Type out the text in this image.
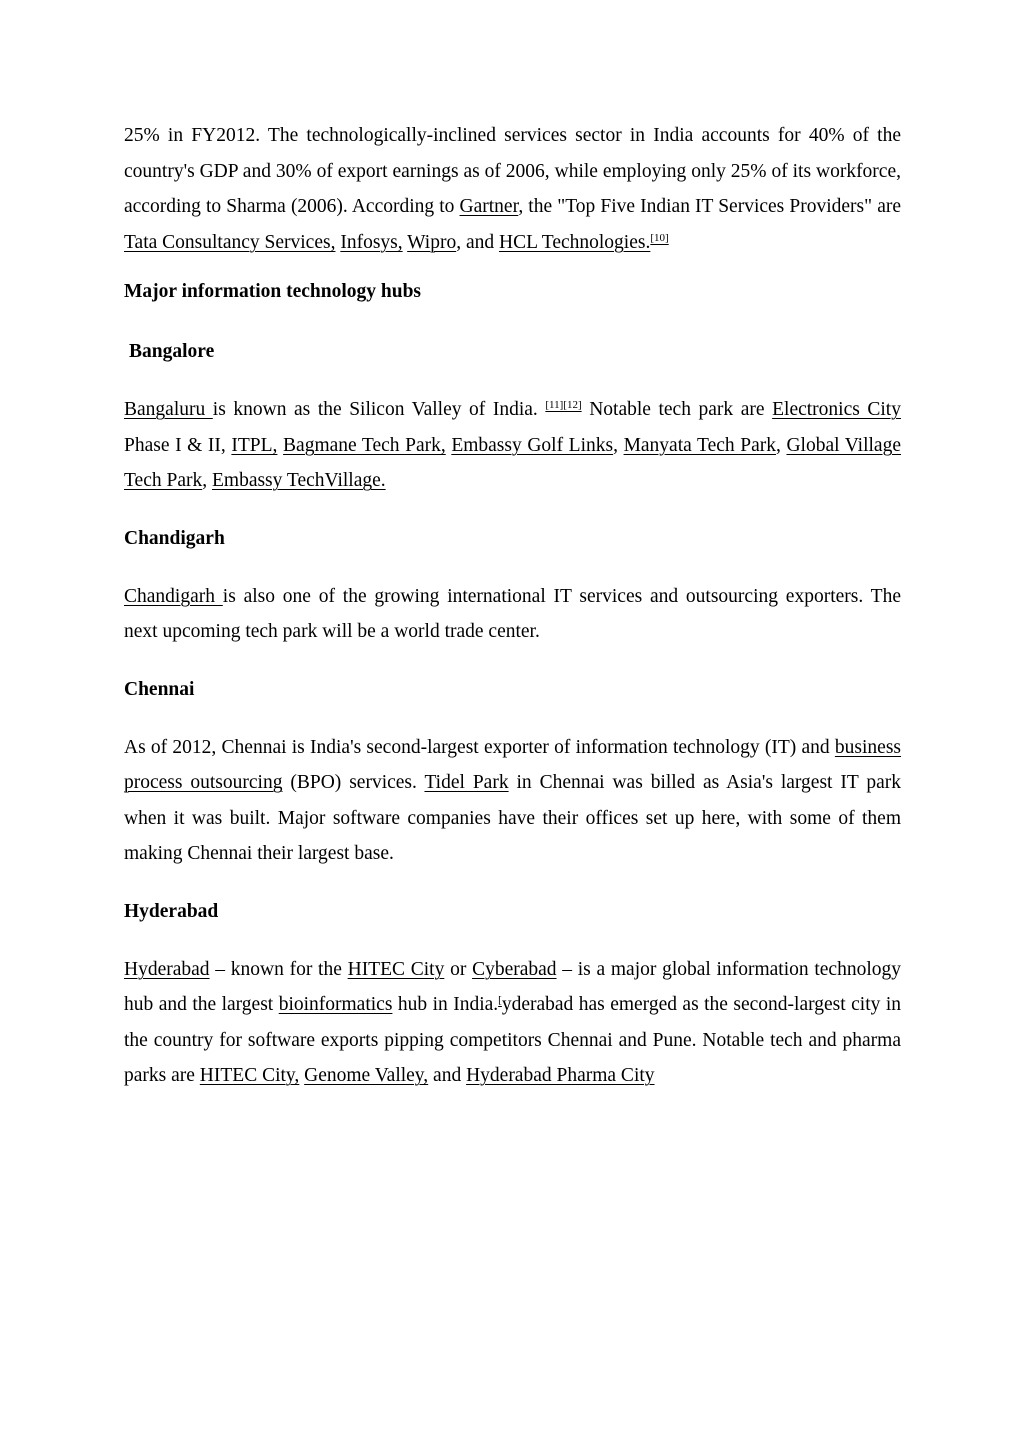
25% in FY2012. The technologically-inclined services sector in India accounts for 40% of the country's GDP and 30% of export earnings as of 2006, while employing only 25% of its workforce, according to Sharma (2006). According to Gartner, the "Top Five Indian IT Services Providers" are Tata Consultancy Services, Infosys, Wipro, and HCL Technologies.[10]

Major information technology hubs
Bangalore

Bangaluru is known as the Silicon Valley of India. [11][12] Notable tech park are Electronics City Phase I & II, ITPL, Bagmane Tech Park, Embassy Golf Links, Manyata Tech Park, Global Village Tech Park, Embassy TechVillage.

Chandigarh

Chandigarh is also one of the growing international IT services and outsourcing exporters. The next upcoming tech park will be a world trade center.

Chennai

As of 2012, Chennai is India's second-largest exporter of information technology (IT) and business process outsourcing (BPO) services. Tidel Park in Chennai was billed as Asia's largest IT park when it was built. Major software companies have their offices set up here, with some of them making Chennai their largest base.

Hyderabad

Hyderabad – known for the HITEC City or Cyberabad – is a major global information technology hub and the largest bioinformatics hub in India.[yderabad has emerged as the second-largest city in the country for software exports pipping competitors Chennai and Pune. Notable tech and pharma parks are HITEC City, Genome Valley, and Hyderabad Pharma City
